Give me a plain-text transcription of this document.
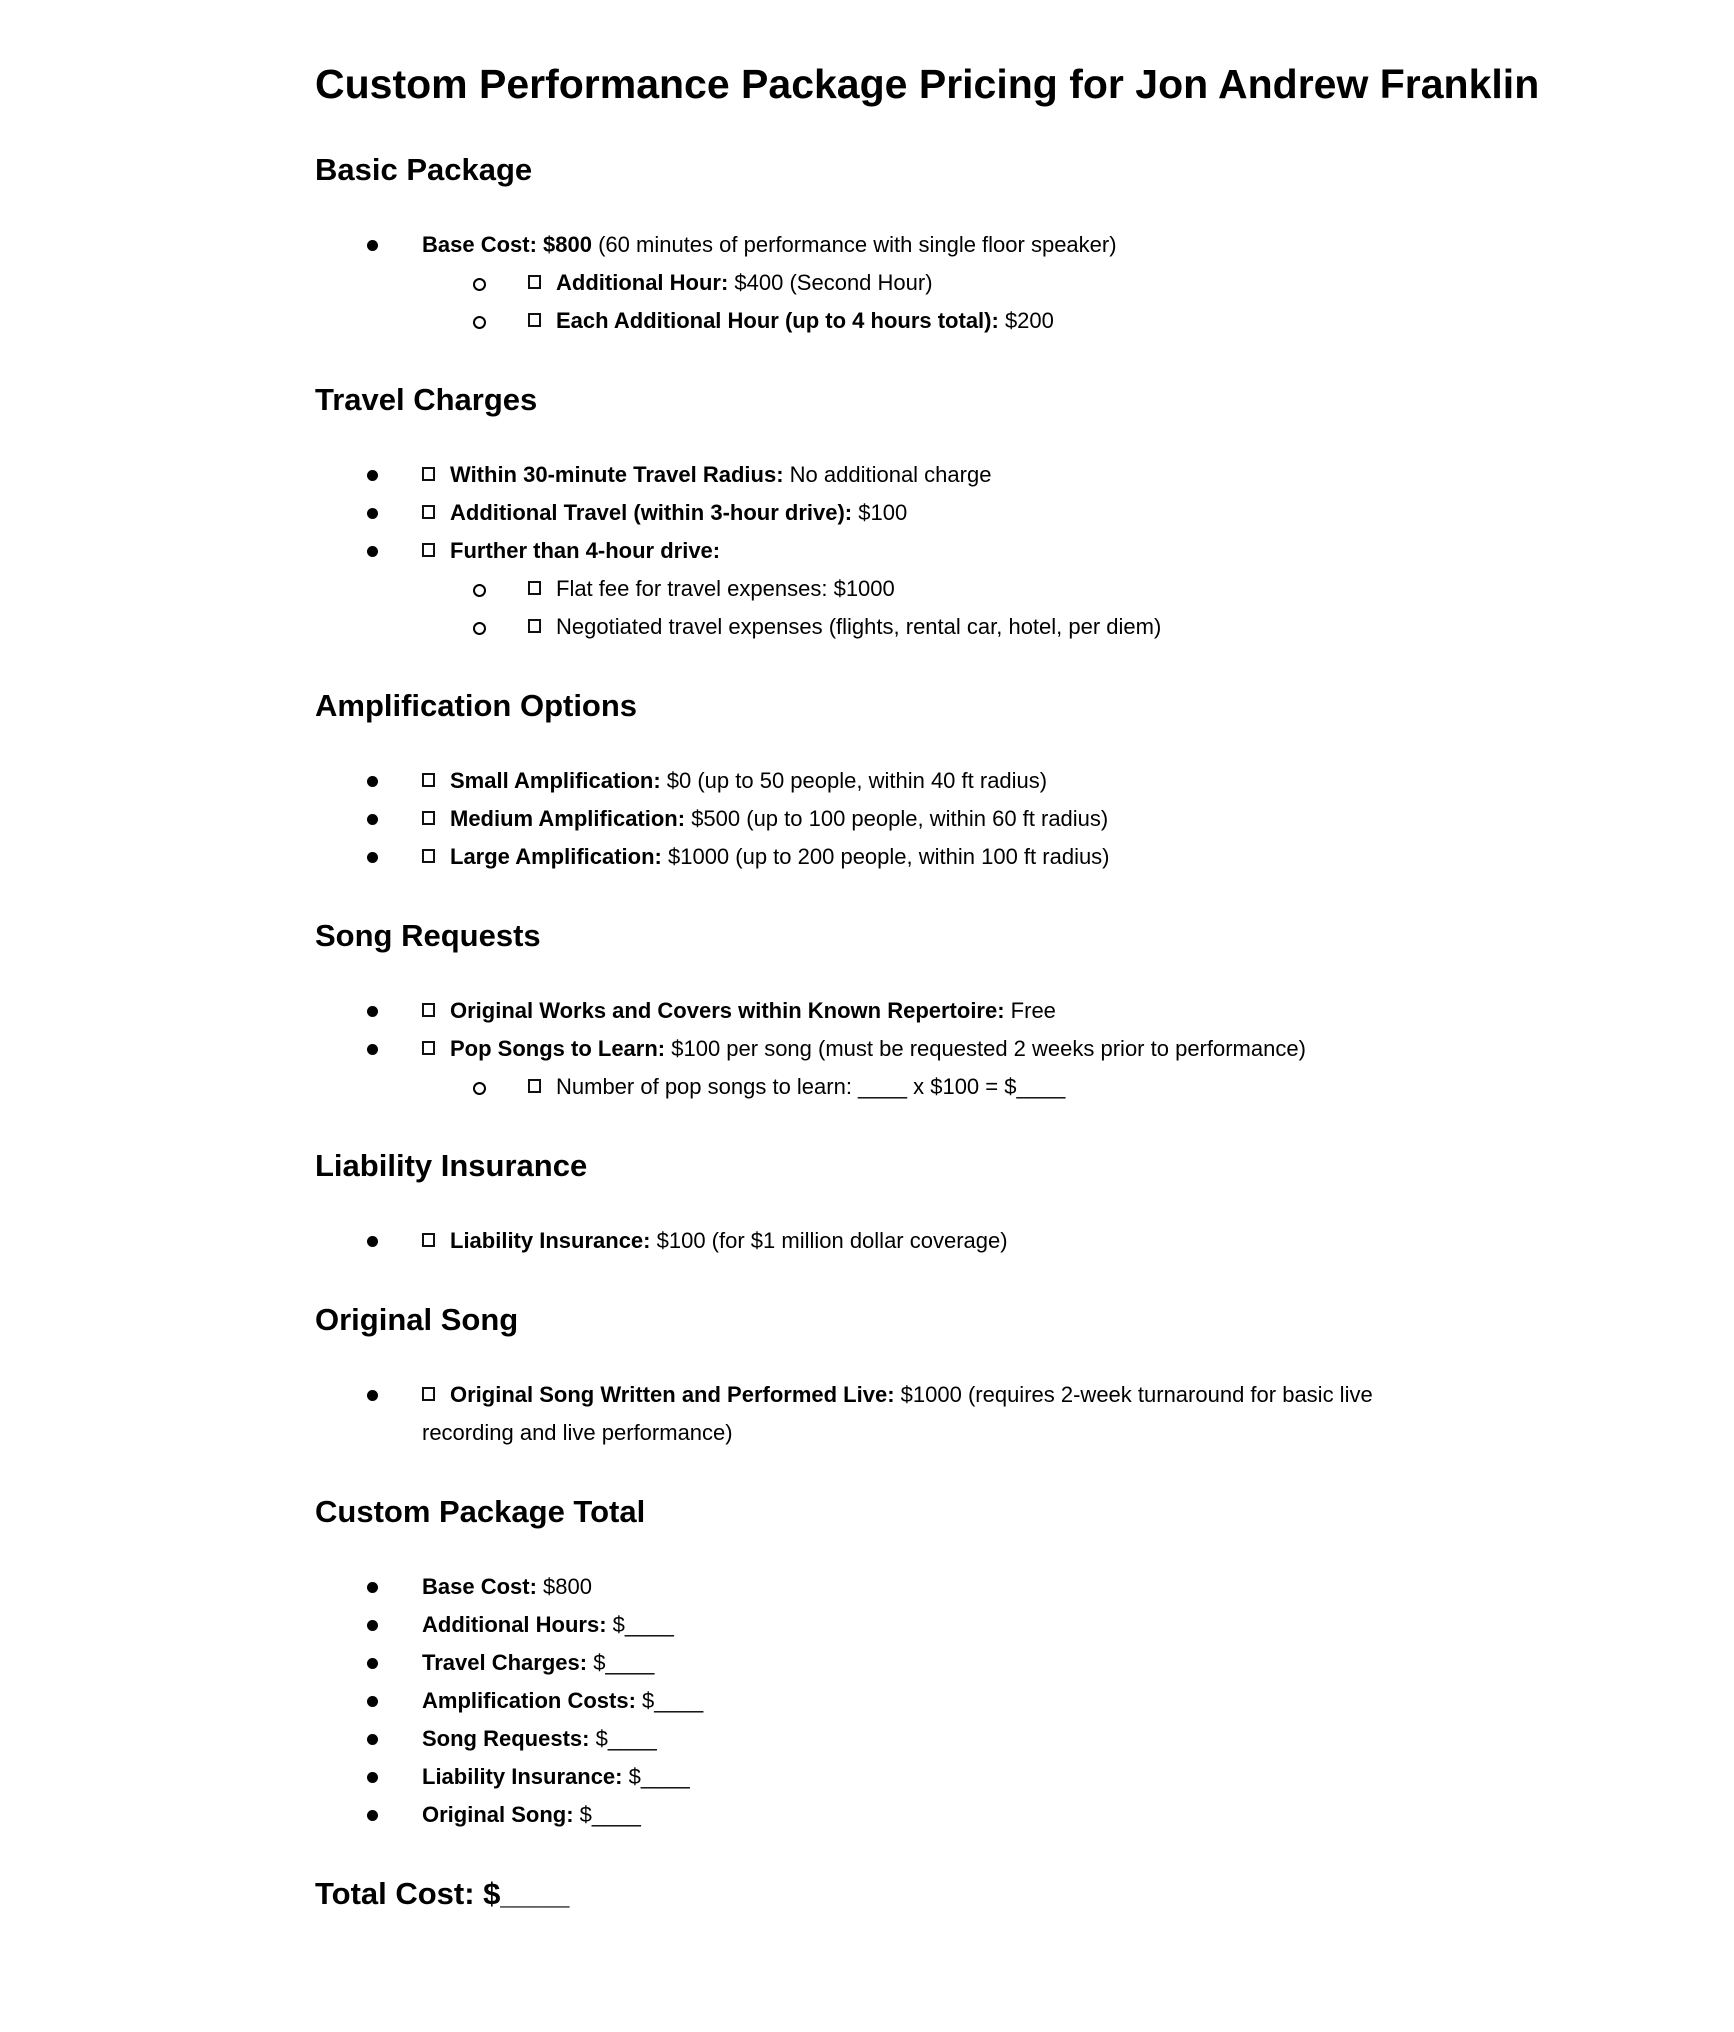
Custom Performance Package Pricing for Jon Andrew Franklin
Basic Package
Base Cost: $800 (60 minutes of performance with single floor speaker)
Additional Hour: $400 (Second Hour)
Each Additional Hour (up to 4 hours total): $200
Travel Charges
Within 30-minute Travel Radius: No additional charge
Additional Travel (within 3-hour drive): $100
Further than 4-hour drive:
Flat fee for travel expenses: $1000
Negotiated travel expenses (flights, rental car, hotel, per diem)
Amplification Options
Small Amplification: $0 (up to 50 people, within 40 ft radius)
Medium Amplification: $500 (up to 100 people, within 60 ft radius)
Large Amplification: $1000 (up to 200 people, within 100 ft radius)
Song Requests
Original Works and Covers within Known Repertoire: Free
Pop Songs to Learn: $100 per song (must be requested 2 weeks prior to performance)
Number of pop songs to learn: ____ x $100 = $____
Liability Insurance
Liability Insurance: $100 (for $1 million dollar coverage)
Original Song
Original Song Written and Performed Live: $1000 (requires 2-week turnaround for basic live recording and live performance)
Custom Package Total
Base Cost: $800
Additional Hours: $____
Travel Charges: $____
Amplification Costs: $____
Song Requests: $____
Liability Insurance: $____
Original Song: $____

Total Cost: $____
